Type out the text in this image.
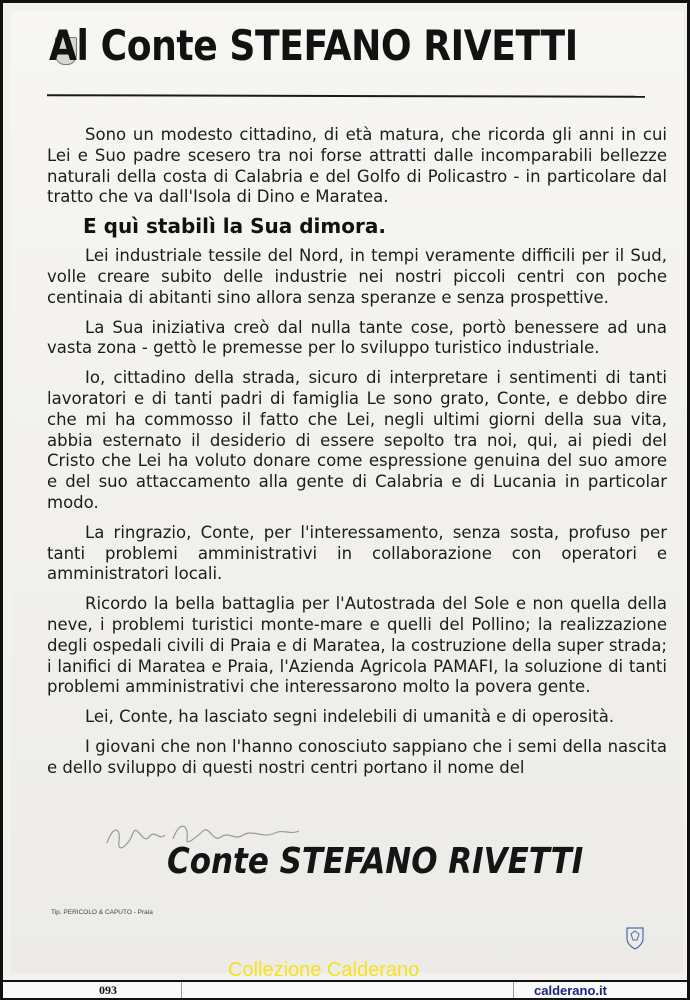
Al Conte STEFANO RIVETTI

Sono un modesto cittadino, di età matura, che ricorda gli anni in cui Lei e Suo padre scesero tra noi forse attratti dalle incomparabili bellezze naturali della costa di Calabria e del Golfo di Policastro - in particolare dal tratto che va dall'Isola di Dino e Maratea.

E quì stabilì la Sua dimora.

Lei industriale tessile del Nord, in tempi veramente difficili per il Sud, volle creare subito delle industrie nei nostri piccoli centri con poche centinaia di abitanti sino allora senza speranze e senza prospettive.

La Sua iniziativa creò dal nulla tante cose, portò benessere ad una vasta zona - gettò le premesse per lo sviluppo turistico industriale.

Io, cittadino della strada, sicuro di interpretare i sentimenti di tanti lavoratori e di tanti padri di famiglia Le sono grato, Conte, e debbo dire che mi ha commosso il fatto che Lei, negli ultimi giorni della sua vita, abbia esternato il desiderio di essere sepolto tra noi, qui, ai piedi del Cristo che Lei ha voluto donare come espressione genuina del suo amore e del suo attaccamento alla gente di Calabria e di Lucania in particolar modo.

La ringrazio, Conte, per l'interessamento, senza sosta, profuso per tanti problemi amministrativi in collaborazione con operatori e amministratori locali.

Ricordo la bella battaglia per l'Autostrada del Sole e non quella della neve, i problemi turistici monte-mare e quelli del Pollino; la realizzazione degli ospedali civili di Praia e di Maratea, la costruzione della super strada; i lanifici di Maratea e Praia, l'Azienda Agricola PAMAFI, la soluzione di tanti problemi amministrativi che interessarono molto la povera gente.

Lei, Conte, ha lasciato segni indelebili di umanità e di operosità.

I giovani che non l'hanno conosciuto sappiano che i semi della nascita e dello sviluppo di questi nostri centri portano il nome del

Conte STEFANO RIVETTI
Tip. PERICOLO & CAPUTO - Praia
Collezione Calderano
093	calderano.it
